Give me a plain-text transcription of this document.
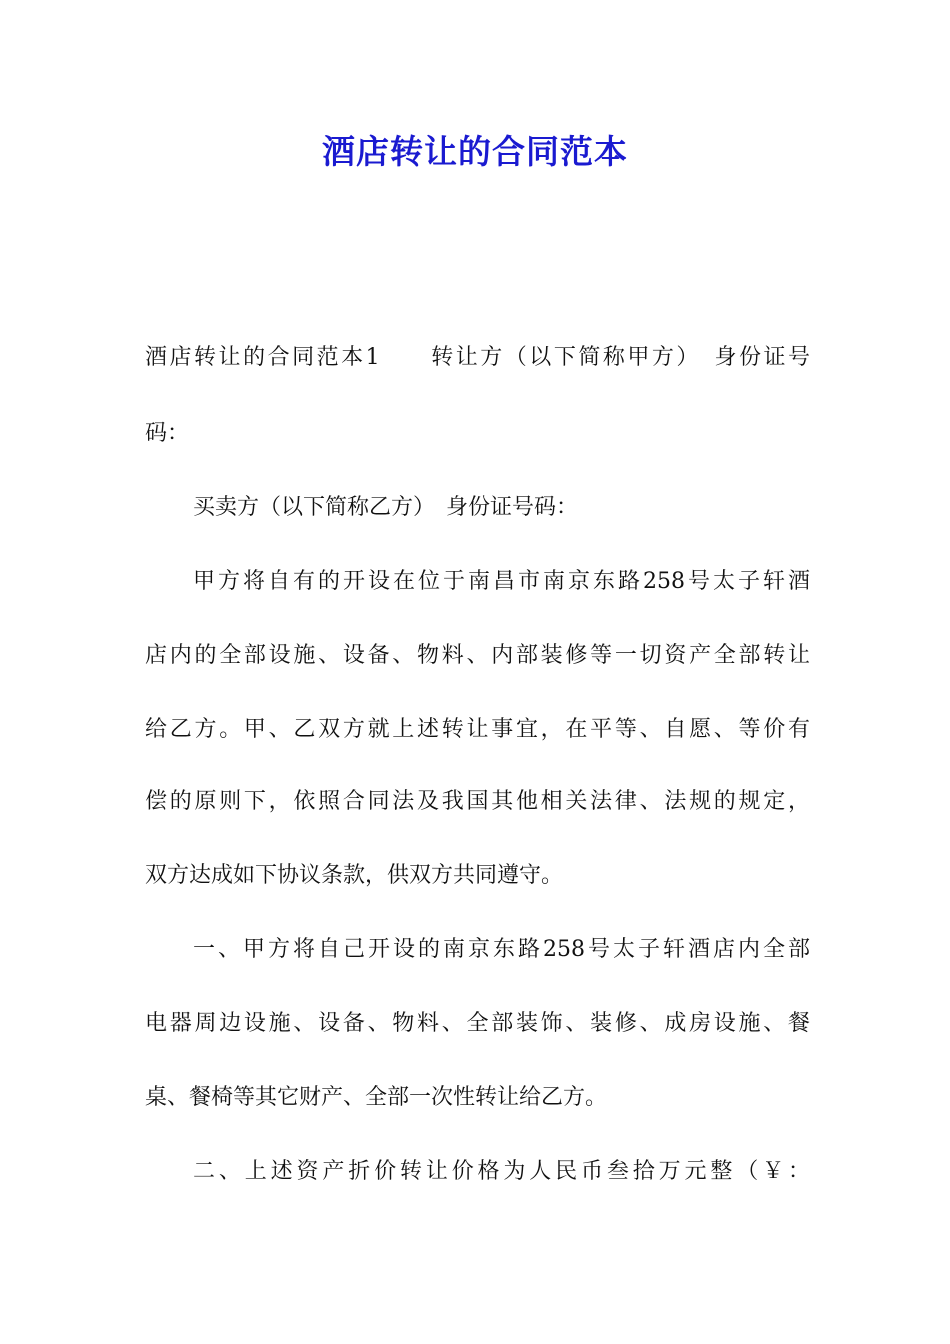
酒店转让的合同范本
酒店转让的合同范本1　　转让方（以下简称甲方）　身份证号
码：
买卖方（以下简称乙方）　身份证号码：
甲方将自有的开设在位于南昌市南京东路258号太子轩酒
店内的全部设施、设备、物料、内部装修等一切资产全部转让
给乙方。甲、乙双方就上述转让事宜，在平等、自愿、等价有
偿的原则下，依照合同法及我国其他相关法律、法规的规定，
双方达成如下协议条款，供双方共同遵守。
一、甲方将自己开设的南京东路258号太子轩酒店内全部
电器周边设施、设备、物料、全部装饰、装修、成房设施、餐
桌、餐椅等其它财产、全部一次性转让给乙方。
二、上述资产折价转让价格为人民币叁拾万元整（￥：
